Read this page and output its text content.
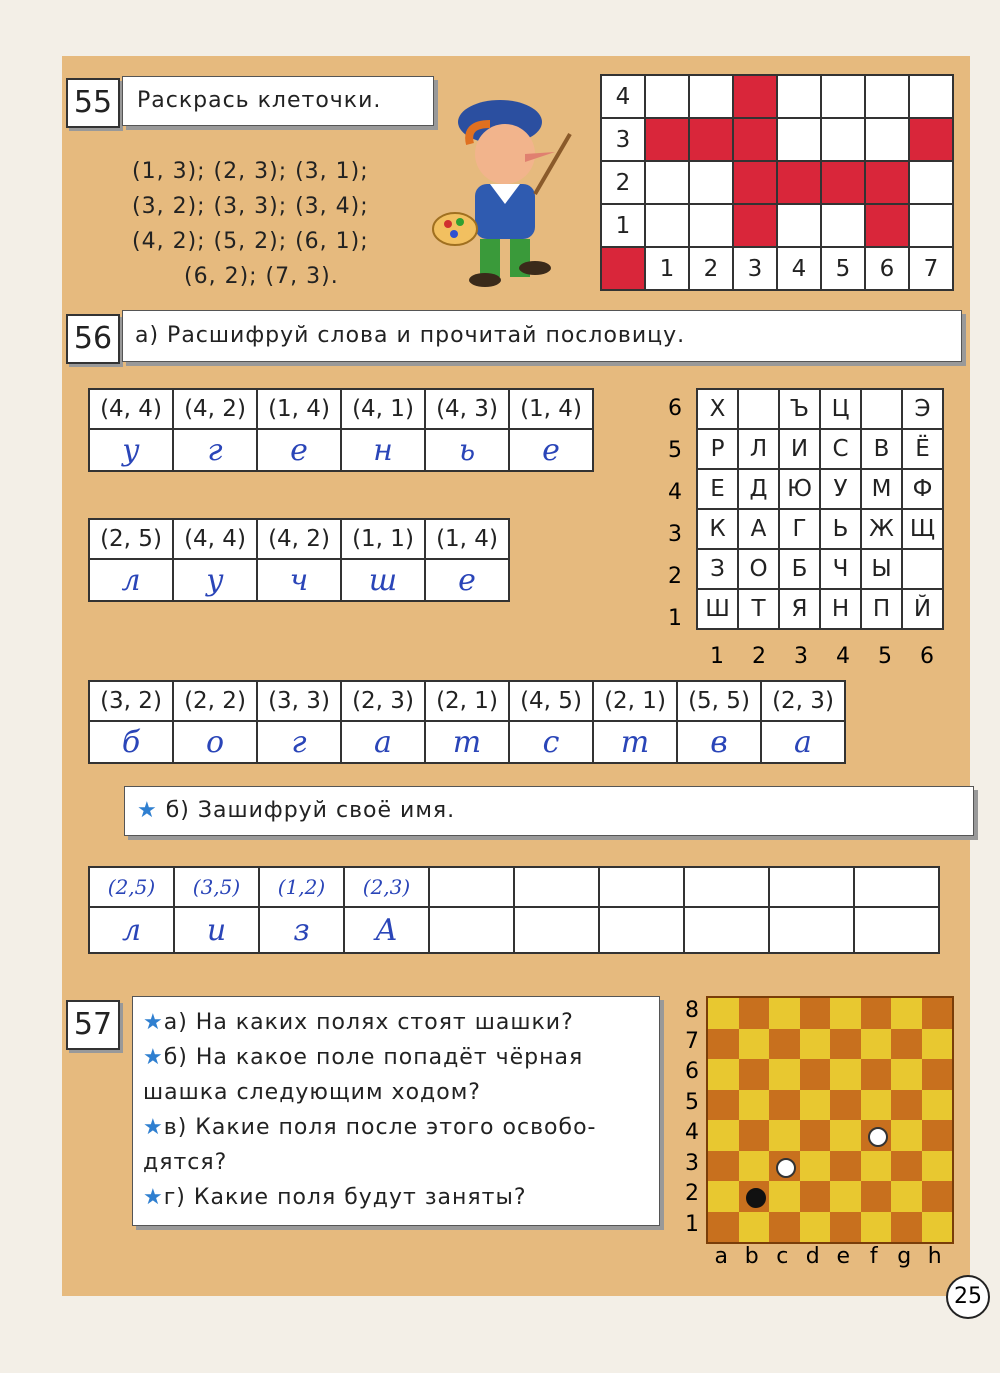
55	Раскрась клеточки.
(1, 3); (2, 3); (3, 1);
(3, 2); (3, 3); (3, 4);
(4, 2); (5, 2); (6, 1);
(6, 2); (7, 3).
4							
3							
2							
1							
	1	2	3	4	5	6	7
56	а) Расшифруй слова и прочитай пословицу.
(4, 4)	(4, 2)	(1, 4)	(4, 1)	(4, 3)	(1, 4)
у	г	е	н	ь	е
(2, 5)	(4, 4)	(4, 2)	(1, 1)	(1, 4)
л	у	ч	ш	е
(3, 2)	(2, 2)	(3, 3)	(2, 3)	(2, 1)	(4, 5)	(2, 1)	(5, 5)	(2, 3)
б	о	г	а	т	с	т	в	а
6
5
4
3
2
1
Х		Ъ	Ц		Э
Р	Л	И	С	В	Ё
Е	Д	Ю	У	М	Ф
К	А	Г	Ь	Ж	Щ
З	О	Б	Ч	Ы	
Ш	Т	Я	Н	П	Й
1	2	3	4	5	6
★ б) Зашифруй своё имя.
(2,5)	(3,5)	(1,2)	(2,3)						
л	и	з	А						
57	★а) На каких полях стоят шашки?
★б) На какое поле попадёт чёрная
шашка следующим ходом?
★в) Какие поля после этого освобо-
дятся?
★г) Какие поля будут заняты?
8
7
6
5
4
3
2
1
a b c d e f g h
25
